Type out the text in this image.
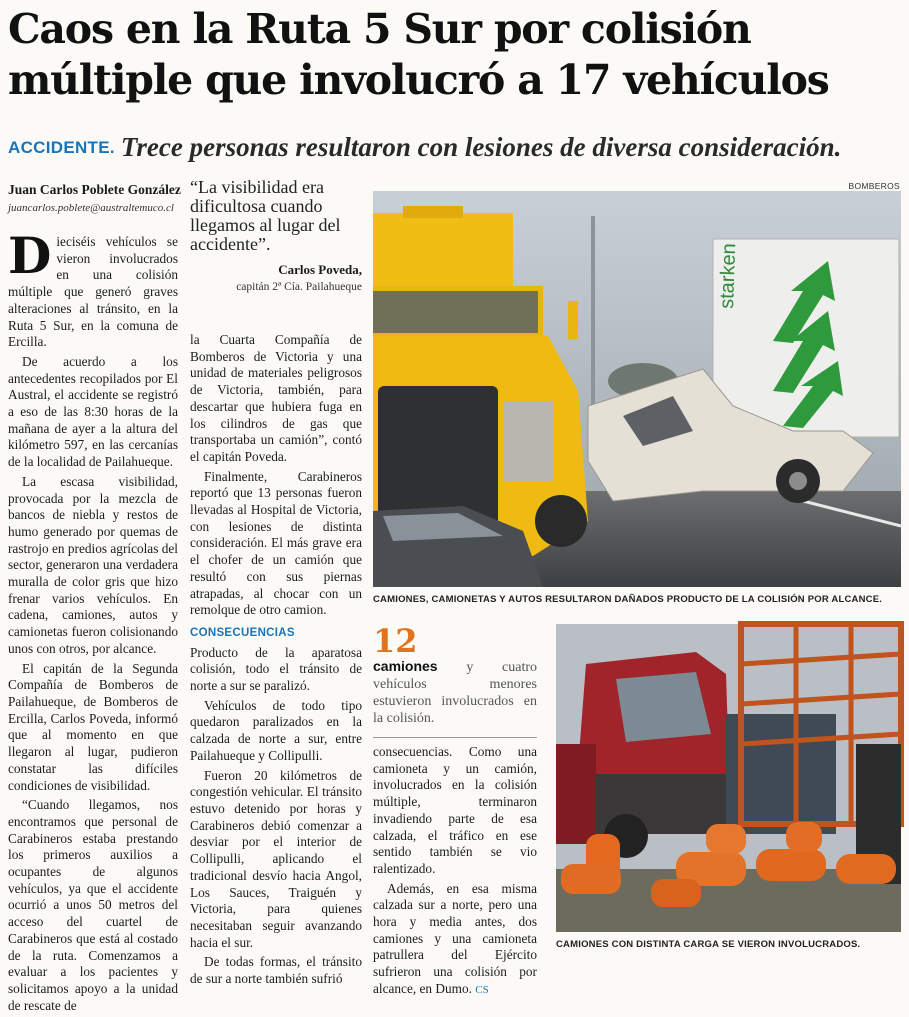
Caos en la Ruta 5 Sur por colisión
múltiple que involucró a 17 vehículos
ACCIDENTE. Trece personas resultaron con lesiones de diversa consideración.
Juan Carlos Poblete González
juancarlos.poblete@australtemuco.cl
“La visibilidad era dificultosa cuando llegamos al lugar del accidente”.
Carlos Poveda,
capitán 2ª Cía. Pailahueque

Dieciséis vehículos se vieron involucrados en una colisión múltiple que generó graves alteraciones al tránsito, en la Ruta 5 Sur, en la comuna de Ercilla.

De acuerdo a los antecedentes recopilados por El Austral, el accidente se registró a eso de las 8:30 horas de la mañana de ayer a la altura del kilómetro 597, en las cercanías de la localidad de Pailahueque.

La escasa visibilidad, provocada por la mezcla de bancos de niebla y restos de humo generado por quemas de rastrojo en predios agrícolas del sector, generaron una verdadera muralla de color gris que hizo frenar varios vehículos. En cadena, camiones, autos y camionetas fueron colisionando unos con otros, por alcance.

El capitán de la Segunda Compañía de Bomberos de Pailahueque, de Bomberos de Ercilla, Carlos Poveda, informó que al momento en que llegaron al lugar, pudieron constatar las difíciles condiciones de visibilidad.

“Cuando llegamos, nos encontramos que personal de Carabineros estaba prestando los primeros auxilios a ocupantes de algunos vehículos, ya que el accidente ocurrió a unos 50 metros del acceso del cuartel de Carabineros que está al costado de la ruta. Comenzamos a evaluar a los pacientes y solicitamos apoyo a la unidad de rescate de

la Cuarta Compañía de Bomberos de Victoria y una unidad de materiales peligrosos de Victoria, también, para descartar que hubiera fuga en los cilindros de gas que transportaba un camión”, contó el capitán Poveda.

Finalmente, Carabineros reportó que 13 personas fueron llevadas al Hospital de Victoria, con lesiones de distinta consideración. El más grave era el chofer de un camión que resultó con sus piernas atrapadas, al chocar con un remolque de otro camion.

CONSECUENCIAS

Producto de la aparatosa colisión, todo el tránsito de norte a sur se paralizó.

Vehículos de todo tipo quedaron paralizados en la calzada de norte a sur, entre Pailahueque y Collipulli.

Fueron 20 kilómetros de congestión vehicular. El tránsito estuvo detenido por horas y Carabineros debió comenzar a desviar por el interior de Collipulli, aplicando el tradicional desvío hacia Angol, Los Sauces, Traiguén y Victoria, para quienes necesitaban seguir avanzando hacia el sur.

De todas formas, el tránsito de sur a norte también sufrió

12
camiones y cuatro vehículos menores estuvieron involucrados en la colisión.

consecuencias. Como una camioneta y un camión, involucrados en la colisión múltiple, terminaron invadiendo parte de esa calzada, el tráfico en ese sentido también se vio ralentizado.

Además, en esa misma calzada sur a norte, pero una hora y media antes, dos camiones y una camioneta patrullera del Ejército sufrieron una colisión por alcance, en Dumo. CS

BOMBEROS
starken
CAMIONES, CAMIONETAS Y AUTOS RESULTARON DAÑADOS PRODUCTO DE LA COLISIÓN POR ALCANCE.
CAMIONES CON DISTINTA CARGA SE VIERON INVOLUCRADOS.
